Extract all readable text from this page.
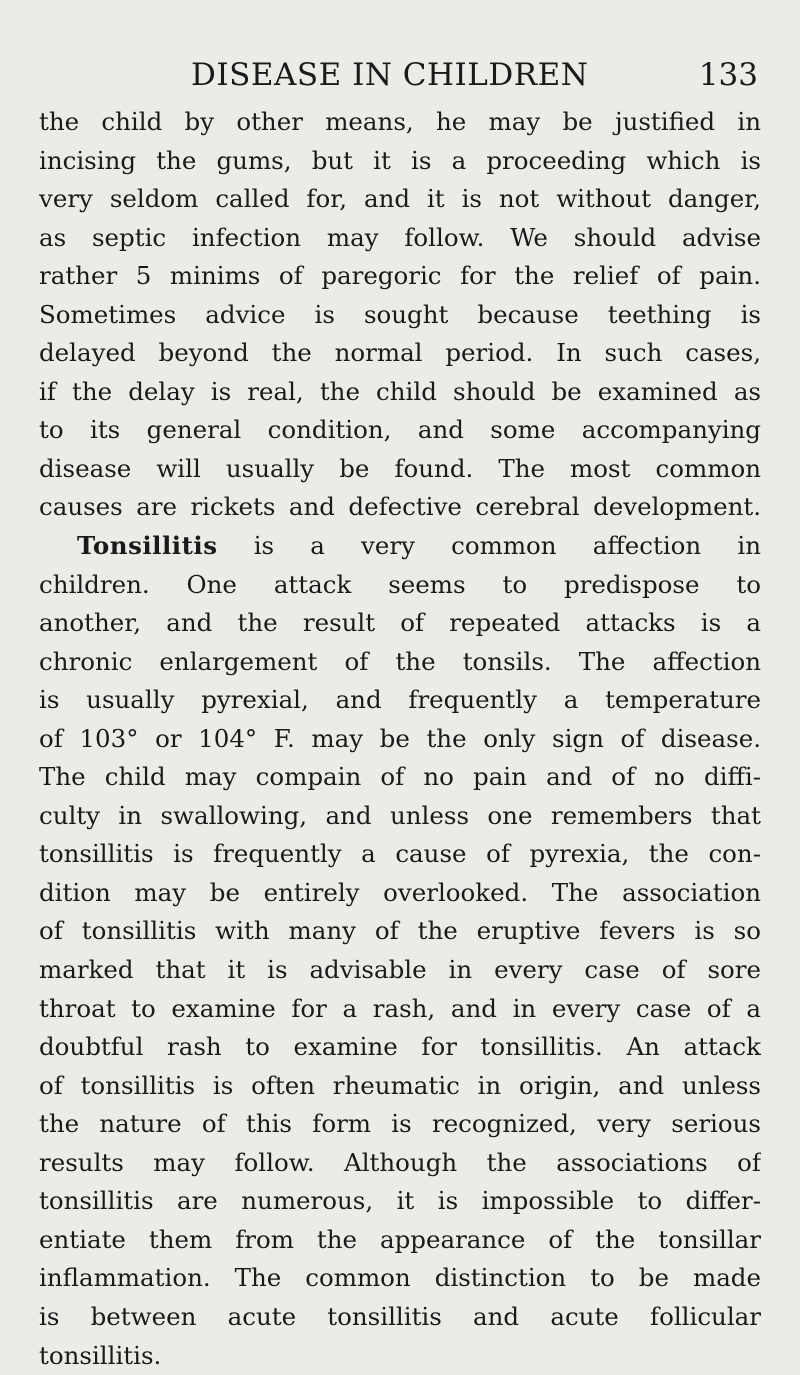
DISEASE IN CHILDREN	133
the child by other means, he may be justified in
incising the gums, but it is a proceeding which is
very seldom called for, and it is not without danger,
as septic infection may follow. We should advise
rather 5 minims of paregoric for the relief of pain.
Sometimes advice is sought because teething is
delayed beyond the normal period. In such cases,
if the delay is real, the child should be examined as
to its general condition, and some accompanying
disease will usually be found. The most common
causes are rickets and defective cerebral development.
Tonsillitis is a very common affection in
children. One attack seems to predispose to
another, and the result of repeated attacks is a
chronic enlargement of the tonsils. The affection
is usually pyrexial, and frequently a temperature
of 103° or 104° F. may be the only sign of disease.
The child may compain of no pain and of no diffi-
culty in swallowing, and unless one remembers that
tonsillitis is frequently a cause of pyrexia, the con-
dition may be entirely overlooked. The association
of tonsillitis with many of the eruptive fevers is so
marked that it is advisable in every case of sore
throat to examine for a rash, and in every case of a
doubtful rash to examine for tonsillitis. An attack
of tonsillitis is often rheumatic in origin, and unless
the nature of this form is recognized, very serious
results may follow. Although the associations of
tonsillitis are numerous, it is impossible to differ-
entiate them from the appearance of the tonsillar
inflammation. The common distinction to be made
is between acute tonsillitis and acute follicular
tonsillitis.
